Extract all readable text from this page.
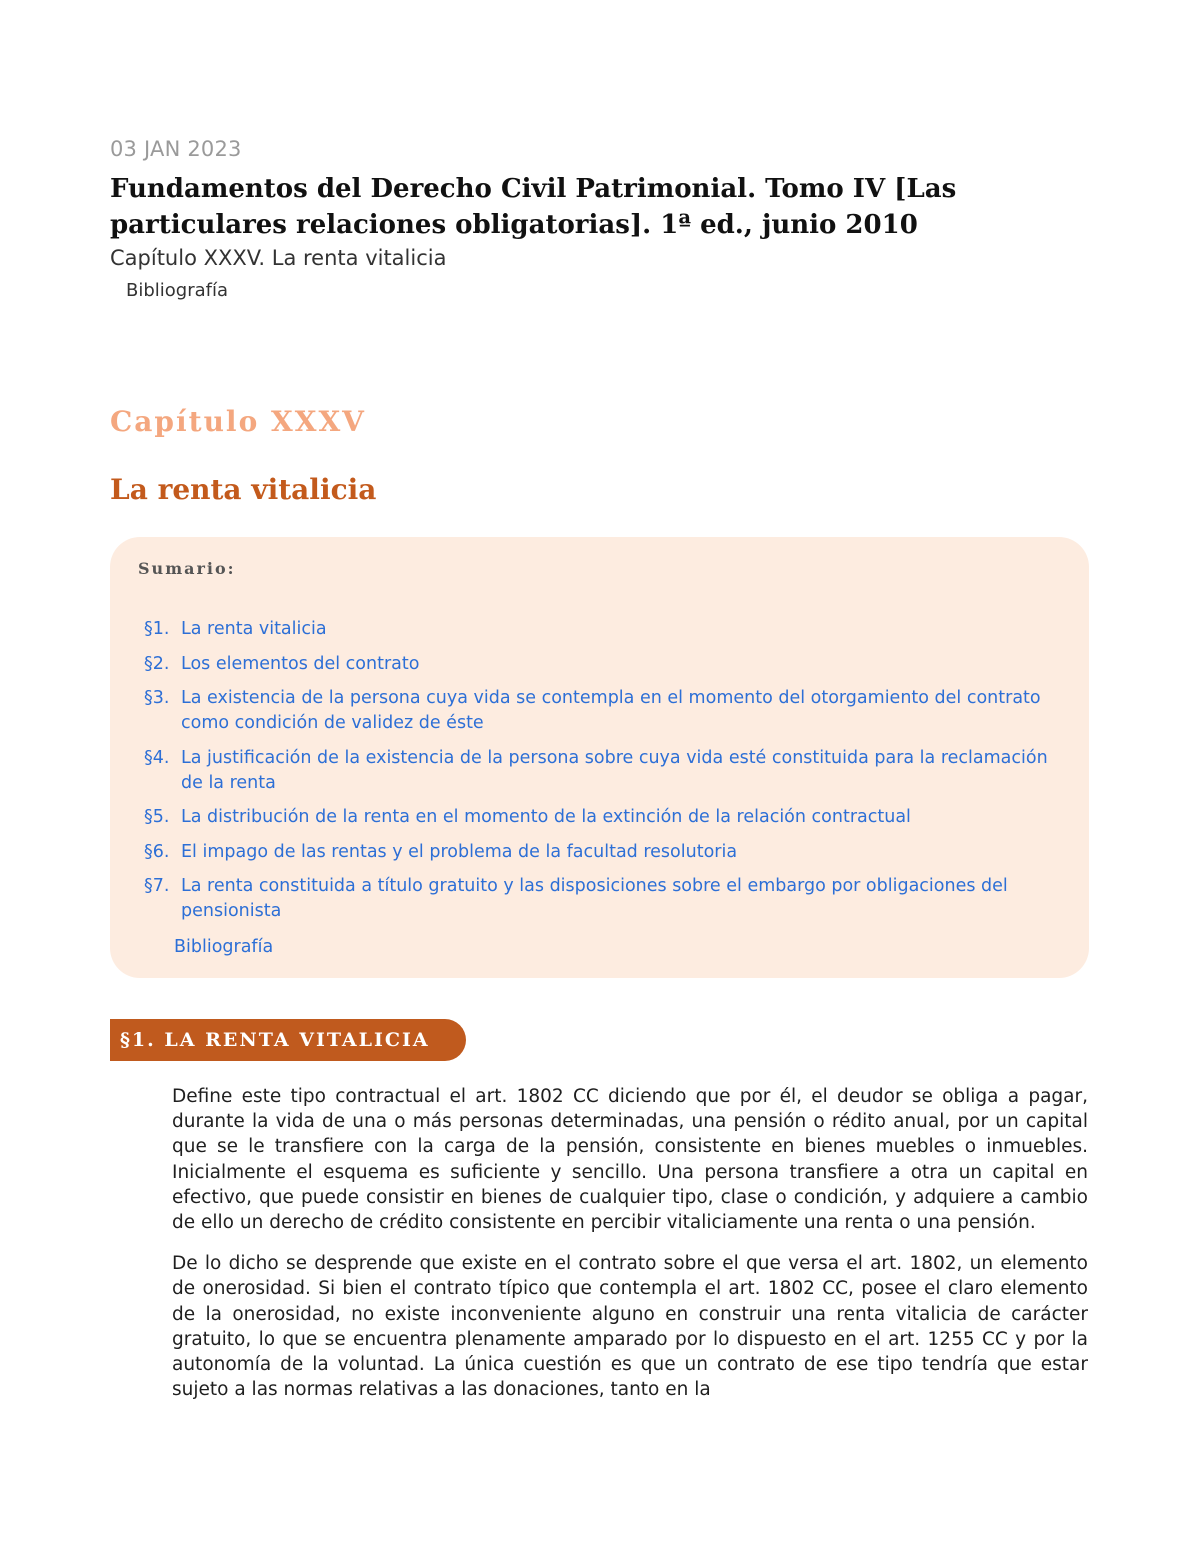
03 JAN 2023
Fundamentos del Derecho Civil Patrimonial. Tomo IV [Las particulares relaciones obligatorias]. 1ª ed., junio 2010
Capítulo XXXV. La renta vitalicia
Bibliografía
Capítulo XXXV
La renta vitalicia
Sumario:
§1. La renta vitalicia
§2. Los elementos del contrato
§3. La existencia de la persona cuya vida se contempla en el momento del otorgamiento del contrato como condición de validez de éste
§4. La justificación de la existencia de la persona sobre cuya vida esté constituida para la reclamación de la renta
§5. La distribución de la renta en el momento de la extinción de la relación contractual
§6. El impago de las rentas y el problema de la facultad resolutoria
§7. La renta constituida a título gratuito y las disposiciones sobre el embargo por obligaciones del pensionista
Bibliografía
§1. LA RENTA VITALICIA

Define este tipo contractual el art. 1802 CC diciendo que por él, el deudor se obliga a pagar, durante la vida de una o más personas determinadas, una pensión o rédito anual, por un capital que se le transfiere con la carga de la pensión, consistente en bienes muebles o inmuebles. Inicialmente el esquema es suficiente y sencillo. Una persona transfiere a otra un capital en efectivo, que puede consistir en bienes de cualquier tipo, clase o condición, y adquiere a cambio de ello un derecho de crédito consistente en percibir vitaliciamente una renta o una pensión.

De lo dicho se desprende que existe en el contrato sobre el que versa el art. 1802, un elemento de onerosidad. Si bien el contrato típico que contempla el art. 1802 CC, posee el claro elemento de la onerosidad, no existe inconveniente alguno en construir una renta vitalicia de carácter gratuito, lo que se encuentra plenamente amparado por lo dispuesto en el art. 1255 CC y por la autonomía de la voluntad. La única cuestión es que un contrato de ese tipo tendría que estar sujeto a las normas relativas a las donaciones, tanto en la
